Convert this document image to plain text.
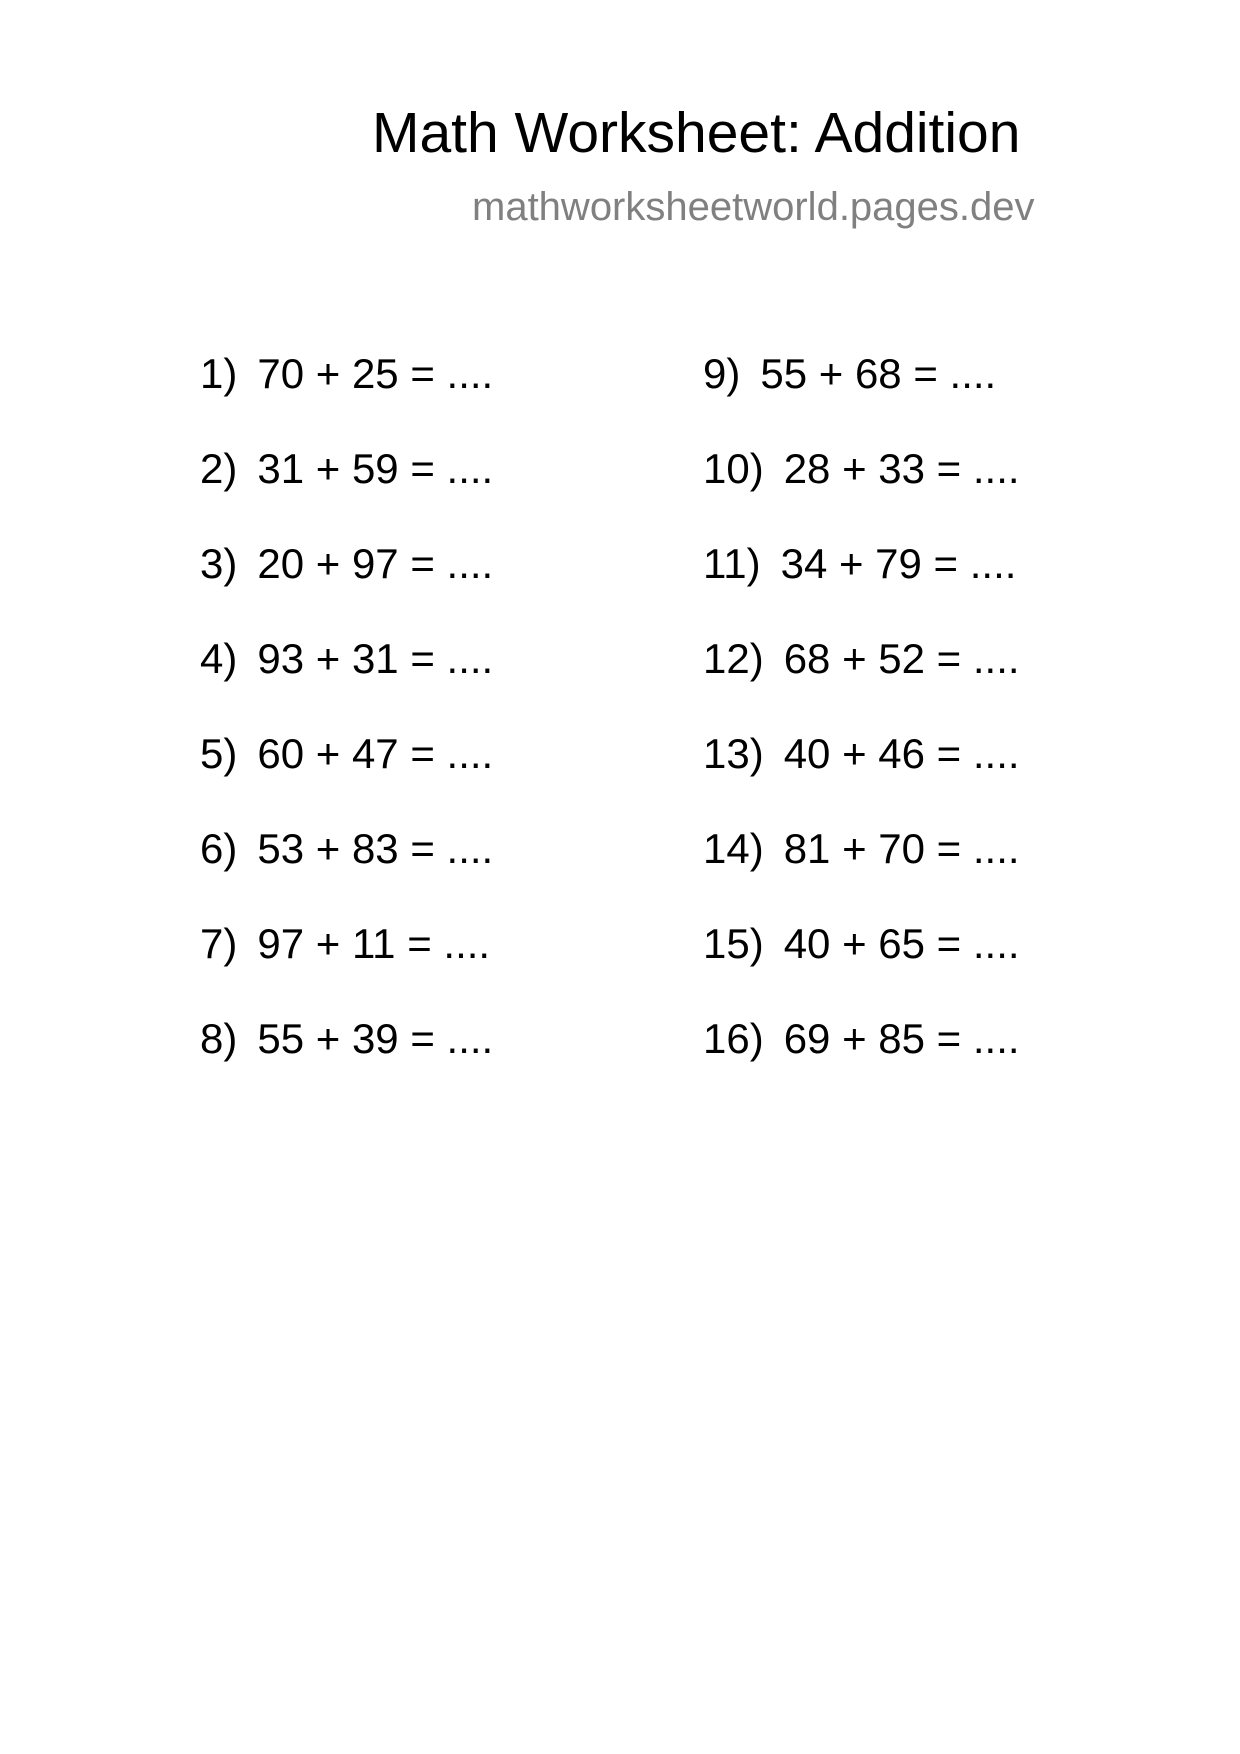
Math Worksheet: Addition
mathworksheetworld.pages.dev
1) 70 + 25 = ....
2) 31 + 59 = ....
3) 20 + 97 = ....
4) 93 + 31 = ....
5) 60 + 47 = ....
6) 53 + 83 = ....
7) 97 + 11 = ....
8) 55 + 39 = ....
9) 55 + 68 = ....
10) 28 + 33 = ....
11) 34 + 79 = ....
12) 68 + 52 = ....
13) 40 + 46 = ....
14) 81 + 70 = ....
15) 40 + 65 = ....
16) 69 + 85 = ....
